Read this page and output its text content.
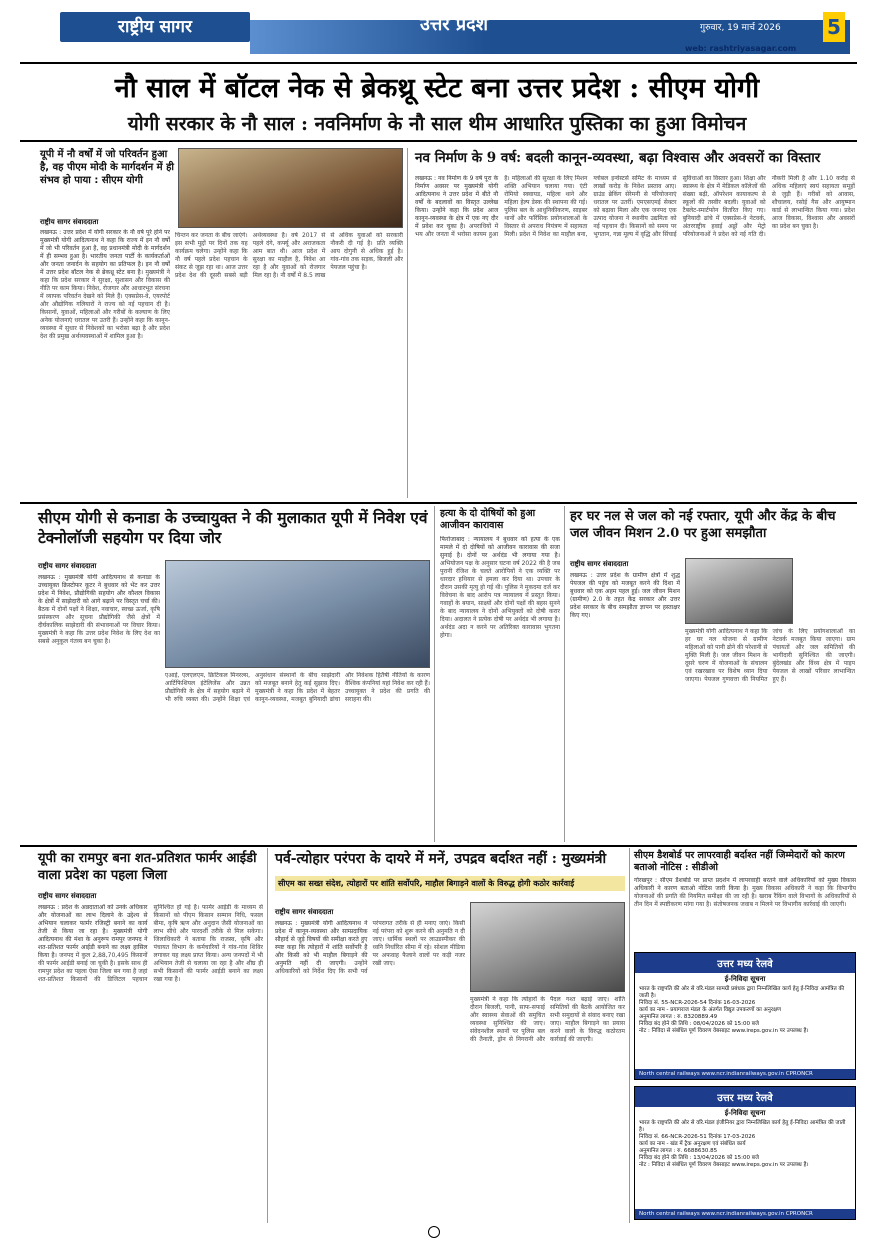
राष्ट्रीय सागर	उत्तर प्रदेश
नई दिल्ली
गुरुवार, 19 मार्च 2026 5
web: rashtriyasagar.com
नौ साल में बॉटल नेक से ब्रेकथ्रू स्टेट बना उत्तर प्रदेश : सीएम योगी
योगी सरकार के नौ साल : नवनिर्माण के नौ साल थीम आधारित पुस्तिका का हुआ विमोचन
यूपी में नौ वर्षों में जो परिवर्तन हुआ है, वह पीएम मोदी के मार्गदर्शन में ही संभव हो पाया : सीएम योगी
राष्ट्रीय सागर संवाददाता
लखनऊ : उत्तर प्रदेश में योगी सरकार के नौ वर्ष पूरे होने पर मुख्यमंत्री योगी आदित्यनाथ ने कहा कि राज्य में इन नौ वर्षों में जो भी परिवर्तन हुआ है, वह प्रधानमंत्री मोदी के मार्गदर्शन में ही सम्भव हुआ है। भारतीय जनता पार्टी के कार्यकर्ताओं और जनता जनार्दन के सहयोग का प्रतिफल है। इन नौ वर्षों में उत्तर प्रदेश बॉटल नेक से ब्रेकथ्रू स्टेट बना है। मुख्यमंत्री ने कहा कि प्रदेश सरकार ने सुरक्षा, सुशासन और विकास की नीति पर काम किया। निवेश, रोजगार और आधारभूत संरचना में व्यापक परिवर्तन देखने को मिले हैं। एक्सप्रेस-वे, एयरपोर्ट और औद्योगिक गलियारों ने राज्य को नई पहचान दी है। किसानों, युवाओं, महिलाओं और गरीबों के कल्याण के लिए अनेक योजनाएं धरातल पर उतरी हैं। उन्होंने कहा कि कानून-व्यवस्था में सुधार से निवेशकों का भरोसा बढ़ा है और प्रदेश देश की प्रमुख अर्थव्यवस्थाओं में शामिल हुआ है।
चिन्तन कर जनता के बीच जाएंगे। इस सभी मुद्दों पर दिनों तक यह कार्यक्रम चलेगा। उन्होंने कहा कि नौ वर्ष पहले प्रदेश पहचान के संकट से जूझ रहा था। आज उत्तर प्रदेश देश की दूसरी सबसे बड़ी अर्थव्यवस्था है। वर्ष 2017 से पहले दंगे, कर्फ्यू और अराजकता आम बात थी। आज प्रदेश में सुरक्षा का माहौल है, निवेश आ रहा है और युवाओं को रोजगार मिल रहा है। नौ वर्षों में 8.5 लाख से अधिक युवाओं को सरकारी नौकरी दी गई है। प्रति व्यक्ति आय दोगुनी से अधिक हुई है। गांव-गांव तक सड़क, बिजली और पेयजल पहुंचा है।
नव निर्माण के 9 वर्ष: बदली कानून-व्यवस्था, बढ़ा विश्वास और अवसरों का विस्तार
लखनऊ : नव निर्माण के 9 वर्ष पूरा के निर्माण अवसर पर मुख्यमंत्री योगी आदित्यनाथ ने उत्तर प्रदेश में बीते नौ वर्षों के बदलावों का विस्तृत उल्लेख किया। उन्होंने कहा कि प्रदेश आज कानून-व्यवस्था के क्षेत्र में एक नए दौर में प्रवेश कर चुका है। अपराधियों में भय और जनता में भरोसा कायम हुआ है। महिलाओं की सुरक्षा के लिए मिशन शक्ति अभियान चलाया गया। एंटी रोमियो स्क्वायड, महिला थाने और महिला हेल्प डेस्क की स्थापना की गई। पुलिस बल के आधुनिकीकरण, साइबर थानों और फॉरेंसिक प्रयोगशालाओं के विस्तार से अपराध नियंत्रण में सहायता मिली। प्रदेश में निवेश का माहौल बना, ग्लोबल इन्वेस्टर्स समिट के माध्यम से लाखों करोड़ के निवेश प्रस्ताव आए। ग्राउंड ब्रेकिंग सेरेमनी से परियोजनाएं धरातल पर उतरीं। एमएसएमई सेक्टर को बढ़ावा मिला और एक जनपद एक उत्पाद योजना ने स्थानीय उद्यमिता को नई पहचान दी। किसानों को समय पर भुगतान, गन्ना मूल्य में वृद्धि और सिंचाई सुविधाओं का विस्तार हुआ। शिक्षा और स्वास्थ्य के क्षेत्र में मेडिकल कॉलेजों की संख्या बढ़ी, ऑपरेशन कायाकल्प से स्कूलों की तस्वीर बदली। युवाओं को टैबलेट-स्मार्टफोन वितरित किए गए। बुनियादी ढांचे में एक्सप्रेस-वे नेटवर्क, अंतरराष्ट्रीय हवाई अड्डों और मेट्रो परियोजनाओं ने प्रदेश को नई गति दी। नौकरी मिली है और 1.10 करोड़ से अधिक महिलाएं स्वयं सहायता समूहों से जुड़ी हैं। गरीबों को आवास, शौचालय, रसोई गैस और आयुष्मान कार्ड से लाभान्वित किया गया। प्रदेश आज विकास, विश्वास और अवसरों का प्रदेश बन चुका है।
सीएम योगी से कनाडा के उच्चायुक्त ने की मुलाकात यूपी में निवेश एवं टेक्नोलॉजी सहयोग पर दिया जोर
राष्ट्रीय सागर संवाददाता
लखनऊ : मुख्यमंत्री योगी आदित्यनाथ से कनाडा के उच्चायुक्त क्रिस्टोफर कूटर ने बुधवार को भेंट कर उत्तर प्रदेश में निवेश, प्रौद्योगिकी सहयोग और कौशल विकास के क्षेत्रों में साझेदारी को आगे बढ़ाने पर विस्तृत चर्चा की। बैठक में दोनों पक्षों ने शिक्षा, नवाचार, स्वच्छ ऊर्जा, कृषि प्रसंस्करण और सूचना प्रौद्योगिकी जैसे क्षेत्रों में दीर्घकालिक साझेदारी की संभावनाओं पर विचार किया। मुख्यमंत्री ने कहा कि उत्तर प्रदेश निवेश के लिए देश का सबसे अनुकूल गंतव्य बन चुका है।
एआई, एलएलएम, क्रिटिकल मिनरल्स, आर्टिफिशियल इंटेलिजेंस और उन्नत प्रौद्योगिकी के क्षेत्र में सहयोग बढ़ाने में भी रुचि व्यक्त की। उन्होंने शिक्षा एवं अनुसंधान संस्थानों के बीच साझेदारी को मजबूत बनाने हेतु कई सुझाव दिए। मुख्यमंत्री ने कहा कि प्रदेश में बेहतर कानून-व्यवस्था, मजबूत बुनियादी ढांचा और निवेशक हितैषी नीतियों के कारण वैश्विक कंपनियां यहां निवेश कर रही हैं। उच्चायुक्त ने प्रदेश की प्रगति की सराहना की।
हत्या के दो दोषियों को हुआ आजीवन कारावास
फिरोजाबाद : न्यायालय ने बुधवार को हत्या के एक मामले में दो दोषियों को आजीवन कारावास की सजा सुनाई है। दोनों पर अर्थदंड भी लगाया गया है। अभियोजन पक्ष के अनुसार घटना वर्ष 2022 की है जब पुरानी रंजिश के चलते आरोपियों ने एक व्यक्ति पर धारदार हथियार से हमला कर दिया था। उपचार के दौरान उसकी मृत्यु हो गई थी। पुलिस ने मुकदमा दर्ज कर विवेचना के बाद आरोप पत्र न्यायालय में प्रस्तुत किया। गवाहों के बयान, साक्ष्यों और दोनों पक्षों की बहस सुनने के बाद न्यायालय ने दोनों अभियुक्तों को दोषी करार दिया। अदालत ने प्रत्येक दोषी पर अर्थदंड भी लगाया है। अर्थदंड अदा न करने पर अतिरिक्त कारावास भुगतना होगा।
हर घर नल से जल को नई रफ्तार, यूपी और केंद्र के बीच जल जीवन मिशन 2.0 पर हुआ समझौता
राष्ट्रीय सागर संवाददाता
लखनऊ : उत्तर प्रदेश के ग्रामीण क्षेत्रों में शुद्ध पेयजल की पहुंच को मजबूत करने की दिशा में बुधवार को एक अहम पहल हुई। जल जीवन मिशन (ग्रामीण) 2.0 के तहत केंद्र सरकार और उत्तर प्रदेश सरकार के बीच समझौता ज्ञापन पर हस्ताक्षर किए गए।
मुख्यमंत्री योगी आदित्यनाथ ने कहा कि हर घर नल योजना से ग्रामीण महिलाओं को पानी ढोने की परेशानी से मुक्ति मिली है। जल जीवन मिशन के दूसरे चरण में योजनाओं के संचालन एवं रखरखाव पर विशेष ध्यान दिया जाएगा। पेयजल गुणवत्ता की नियमित जांच के लिए प्रयोगशालाओं का नेटवर्क मजबूत किया जाएगा। ग्राम पंचायतों और जल समितियों की भागीदारी सुनिश्चित की जाएगी। बुंदेलखंड और विंध्य क्षेत्र में पाइप पेयजल से लाखों परिवार लाभान्वित हुए हैं।
यूपी का रामपुर बना शत-प्रतिशत फार्मर आईडी वाला प्रदेश का पहला जिला
राष्ट्रीय सागर संवाददाता
लखनऊ : प्रदेश के अन्नदाताओं को उनके अधिकार और योजनाओं का लाभ दिलाने के उद्देश्य से अभियान चलाकर फार्मर रजिस्ट्री बनाने का कार्य तेजी से किया जा रहा है। मुख्यमंत्री योगी आदित्यनाथ की मंशा के अनुरूप रामपुर जनपद ने शत-प्रतिशत फार्मर आईडी बनाने का लक्ष्य हासिल किया है। जनपद में कुल 2,88,70,495 किसानों की फार्मर आईडी बनाई जा चुकी है। इसके साथ ही रामपुर प्रदेश का पहला ऐसा जिला बन गया है जहां शत-प्रतिशत किसानों की डिजिटल पहचान सुनिश्चित हो गई है। फार्मर आईडी के माध्यम से किसानों को पीएम किसान सम्मान निधि, फसल बीमा, कृषि ऋण और अनुदान जैसी योजनाओं का लाभ सीधे और पारदर्शी तरीके से मिल सकेगा। जिलाधिकारी ने बताया कि राजस्व, कृषि और पंचायत विभाग के कर्मचारियों ने गांव-गांव शिविर लगाकर यह लक्ष्य प्राप्त किया। अन्य जनपदों में भी अभियान तेजी से चलाया जा रहा है और शीघ्र ही सभी किसानों की फार्मर आईडी बनाने का लक्ष्य रखा गया है।
पर्व-त्योहार परंपरा के दायरे में मनें, उपद्रव बर्दाश्त नहीं : मुख्यमंत्री
सीएम का सख्त संदेश, त्योहारों पर शांति सर्वोपरि, माहौल बिगाड़ने वालों के विरुद्ध होगी कठोर कार्रवाई
राष्ट्रीय सागर संवाददाता
लखनऊ : मुख्यमंत्री योगी आदित्यनाथ ने प्रदेश में कानून-व्यवस्था और साम्प्रदायिक सौहार्द से जुड़े विषयों की समीक्षा करते हुए स्पष्ट कहा कि त्योहारों में शांति सर्वोपरि है और किसी को भी माहौल बिगाड़ने की अनुमति नहीं दी जाएगी। उन्होंने अधिकारियों को निर्देश दिए कि सभी पर्व परंपरागत तरीके से ही मनाए जाएं। किसी नई परंपरा को शुरू करने की अनुमति न दी जाए। धार्मिक स्थलों पर लाउडस्पीकर की ध्वनि निर्धारित सीमा में रहे। सोशल मीडिया पर अफवाह फैलाने वालों पर कड़ी नजर रखी जाए।
मुख्यमंत्री ने कहा कि त्योहारों के दौरान बिजली, पानी, साफ-सफाई और स्वास्थ्य सेवाओं की समुचित व्यवस्था सुनिश्चित की जाए। संवेदनशील स्थानों पर पुलिस बल की तैनाती, ड्रोन से निगरानी और पैदल गश्त बढ़ाई जाए। शांति समितियों की बैठकें आयोजित कर सभी समुदायों से संवाद बनाए रखा जाए। माहौल बिगाड़ने का प्रयास करने वालों के विरुद्ध कठोरतम कार्रवाई की जाएगी।
सीएम डैशबोर्ड पर लापरवाही बर्दाश्त नहीं जिम्मेदारों को कारण बताओ नोटिस : सीडीओ
गोरखपुर : सीएम डैशबोर्ड पर प्राप्त प्रदर्शन में लापरवाही बरतने वाले अधिकारियों को मुख्य विकास अधिकारी ने कारण बताओ नोटिस जारी किया है। मुख्य विकास अधिकारी ने कहा कि विभागीय योजनाओं की प्रगति की नियमित समीक्षा की जा रही है। खराब रैंकिंग वाले विभागों के अधिकारियों से तीन दिन में स्पष्टीकरण मांगा गया है। संतोषजनक जवाब न मिलने पर विभागीय कार्रवाई की जाएगी।
उत्तर मध्य रेलवे
ई-निविदा सूचना
भारत के राष्ट्रपति की ओर से वरि.मंडल सामग्री प्रबंधक द्वारा निम्नलिखित कार्य हेतु ई-निविदा आमंत्रित की जाती है।
निविदा सं. 55-NCR-2026-54 दिनांक 16-03-2026
कार्य का नाम - प्रयागराज मंडल के अंतर्गत विद्युत उपकरणों का अनुरक्षण
अनुमानित लागत : रु. 8320889.49
निविदा बंद होने की तिथि : 08/04/2026 को 15:00 बजे
नोट : निविदा से संबंधित पूर्ण विवरण वेबसाइट www.ireps.gov.in पर उपलब्ध है।
North central railways www.ncr.indianrailways.gov.in CPRONCR
उत्तर मध्य रेलवे
ई-निविदा सूचना
भारत के राष्ट्रपति की ओर से वरि.मंडल इंजीनियर द्वारा निम्नलिखित कार्य हेतु ई-निविदा आमंत्रित की जाती है।
निविदा सं. 66-NCR-2026-51 दिनांक 17-03-2026
कार्य का नाम - खंड में ट्रैक अनुरक्षण एवं संबंधित कार्य
अनुमानित लागत : रु. 6688630.85
निविदा बंद होने की तिथि : 13/04/2026 को 15:00 बजे
नोट : निविदा से संबंधित पूर्ण विवरण वेबसाइट www.ireps.gov.in पर उपलब्ध है।
North central railways www.ncr.indianrailways.gov.in CPRONCR
